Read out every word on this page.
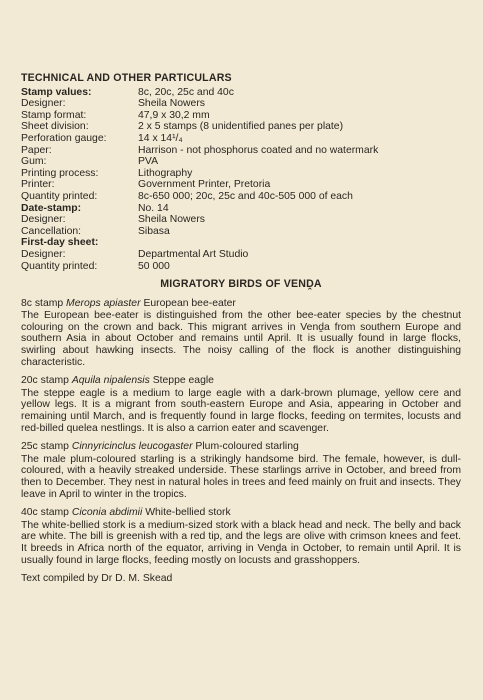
TECHNICAL AND OTHER PARTICULARS
Stamp values:	8c, 20c, 25c and 40c
Designer:	Sheila Nowers
Stamp format:	47,9 x 30,2 mm
Sheet division:	2 x 5 stamps (8 unidentified panes per plate)
Perforation gauge:	14 x 14¹/₄
Paper:	Harrison - not phosphorus coated and no watermark
Gum:	PVA
Printing process:	Lithography
Printer:	Government Printer, Pretoria
Quantity printed:	8c-650 000; 20c, 25c and 40c-505 000 of each
Date-stamp:	No. 14
Designer:	Sheila Nowers
Cancellation:	Sibasa
First-day sheet:	
Designer:	Departmental Art Studio
Quantity printed:	50 000
MIGRATORY BIRDS OF VENḒA
8c stamp Merops apiaster European bee-eater
The European bee-eater is distinguished from the other bee-eater species by the chestnut colouring on the crown and back. This migrant arrives in Venḓa from southern Europe and southern Asia in about October and remains until April. It is usually found in large flocks, swirling about hawking insects. The noisy calling of the flock is another distinguishing characteristic.
20c stamp Aquila nipalensis Steppe eagle
The steppe eagle is a medium to large eagle with a dark-brown plumage, yellow cere and yellow legs. It is a migrant from south-eastern Europe and Asia, appearing in October and remaining until March, and is frequently found in large flocks, feeding on termites, locusts and red-billed quelea nestlings. It is also a carrion eater and scavenger.
25c stamp Cinnyricinclus leucogaster Plum-coloured starling
The male plum-coloured starling is a strikingly handsome bird. The female, however, is dull-coloured, with a heavily streaked underside. These starlings arrive in October, and breed from then to December. They nest in natural holes in trees and feed mainly on fruit and insects. They leave in April to winter in the tropics.
40c stamp Ciconia abdimii White-bellied stork
The white-bellied stork is a medium-sized stork with a black head and neck. The belly and back are white. The bill is greenish with a red tip, and the legs are olive with crimson knees and feet. It breeds in Africa north of the equator, arriving in Venḓa in October, to remain until April. It is usually found in large flocks, feeding mostly on locusts and grasshoppers.
Text compiled by Dr D. M. Skead
